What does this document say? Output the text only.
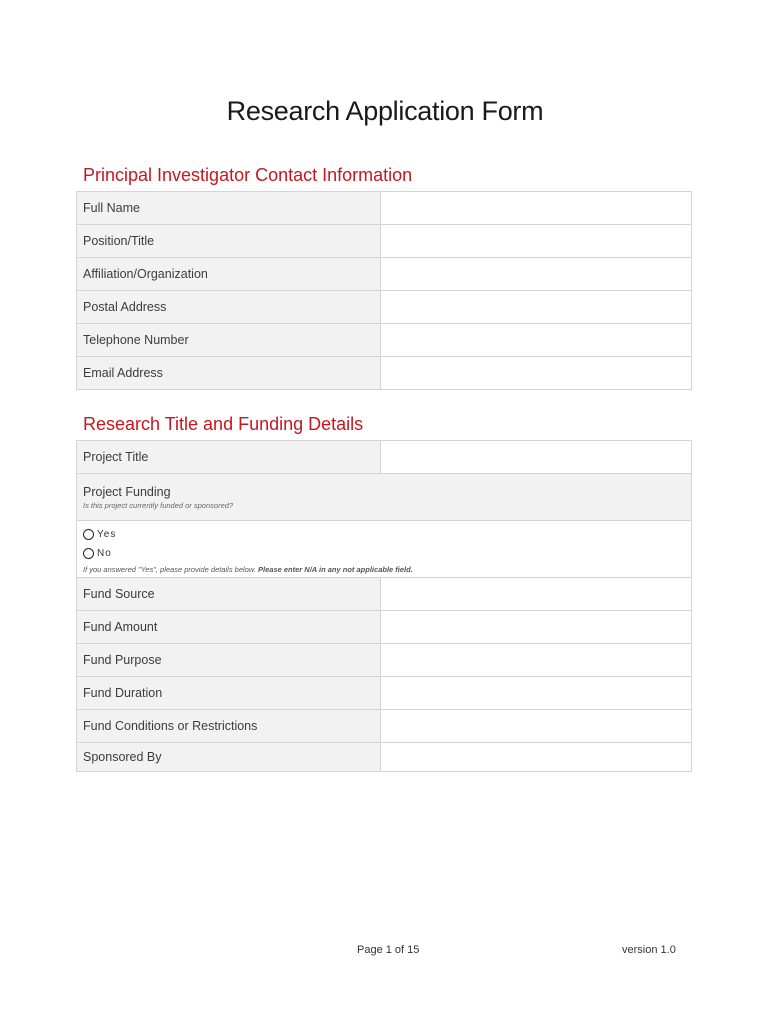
Research Application Form
Principal Investigator Contact Information
Full Name	
Position/Title	
Affiliation/Organization	
Postal Address	
Telephone Number	
Email Address	
Research Title and Funding Details
Project Title	
Project Funding
Is this project currently funded or sponsored?	

Yes
No
If you answered "Yes", please provide details below. Please enter N/A in any not applicable field.	

Fund Source	
Fund Amount	
Fund Purpose	
Fund Duration	
Fund Conditions or Restrictions	
Sponsored By	
Page 1 of 15	version 1.0
